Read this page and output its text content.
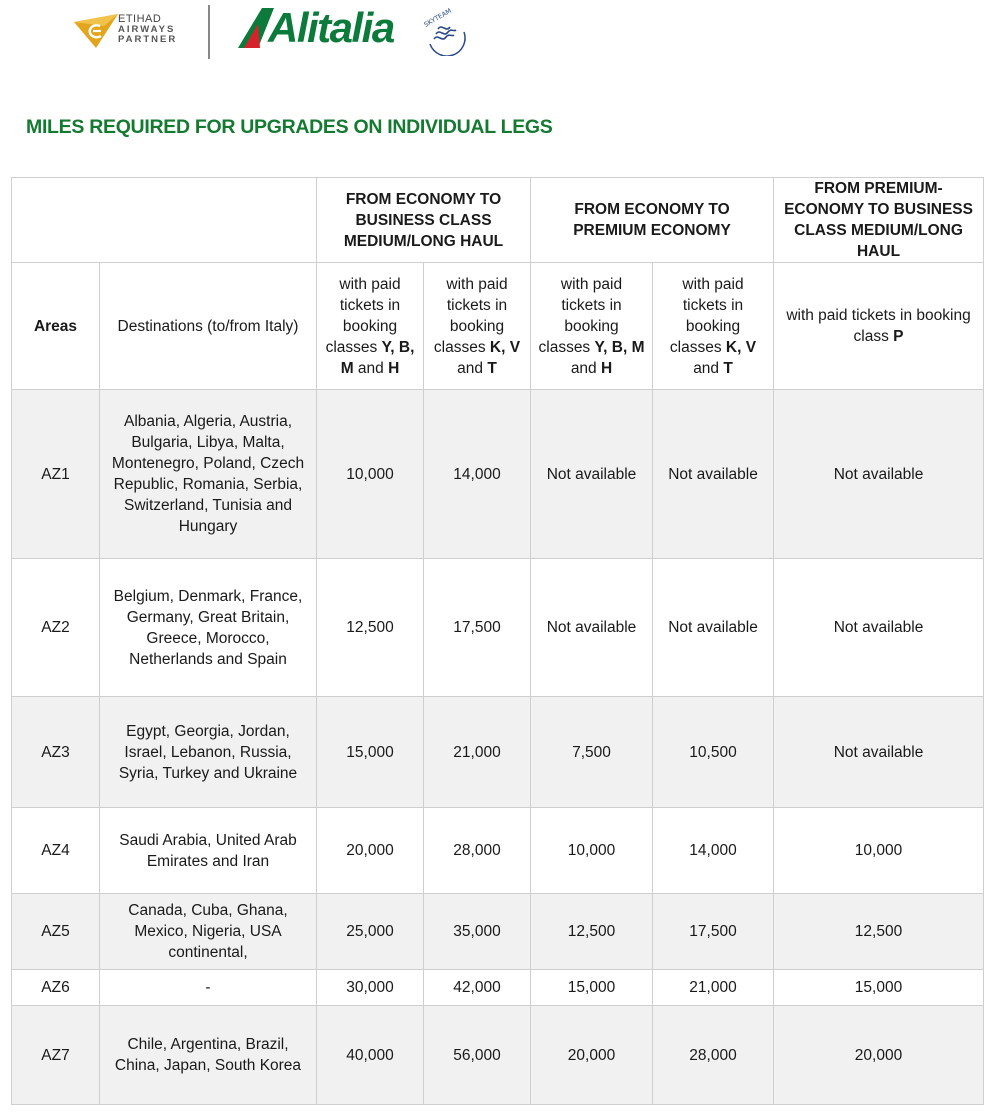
ETIHAD
AIRWAYS
PARTNER Alitalia	SKYTEAM
MILES REQUIRED FOR UPGRADES ON INDIVIDUAL LEGS
		FROM ECONOMY TO BUSINESS CLASS MEDIUM/LONG HAUL		FROM ECONOMY TO PREMIUM ECONOMY		FROM PREMIUM-ECONOMY TO BUSINESS CLASS MEDIUM/LONG HAUL
Areas	Destinations (to/from Italy)	with paid tickets in booking classes Y, B, M and H	with paid tickets in booking classes K, V and T	with paid tickets in booking classes Y, B, M and H	with paid tickets in booking classes K, V and T	with paid tickets in booking class P
AZ1	Albania, Algeria, Austria, Bulgaria, Libya, Malta, Montenegro, Poland, Czech Republic, Romania, Serbia, Switzerland, Tunisia and Hungary	10,000	14,000	Not available	Not available	Not available
AZ2	Belgium, Denmark, France, Germany, Great Britain, Greece, Morocco, Netherlands and Spain	12,500	17,500	Not available	Not available	Not available
AZ3	Egypt, Georgia, Jordan, Israel, Lebanon, Russia, Syria, Turkey and Ukraine	15,000	21,000	7,500	10,500	Not available
AZ4	Saudi Arabia, United Arab Emirates and Iran	20,000	28,000	10,000	14,000	10,000
AZ5	Canada, Cuba, Ghana, Mexico, Nigeria, USA continental,	25,000	35,000	12,500	17,500	12,500
AZ6	-	30,000	42,000	15,000	21,000	15,000
AZ7	Chile, Argentina, Brazil, China, Japan, South Korea	40,000	56,000	20,000	28,000	20,000
